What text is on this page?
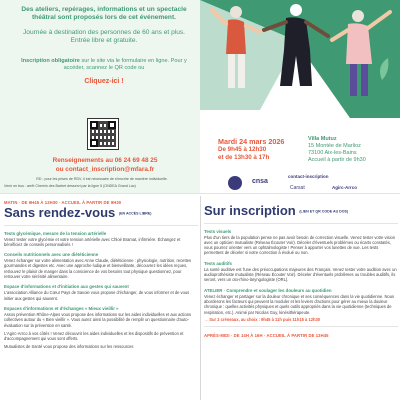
Des ateliers, repérages, informations et un spectacle théâtral sont proposés lors de cet événement.
Journée à destination des personnes de 60 ans et plus. Entrée libre et gratuite.
Inscription obligatoire sur le site via le formulaire en ligne. Pour y accéder, scannez le QR code ou
Cliquez-ici !
Renseignements au 06 24 69 48 25
ou contact_inscription@mfara.fr
RD : pour les prises de RDV, il est nécessaire de s'inscrire de manière individuelle.
Venir en bus : arrêt Chemin des Barbet desservi par la ligne 5 (ONDEA Grand Lac)
Mardi 24 mars 2026
De 9h45 à 12h30
et de 13h30 à 17h
Villa Mutuz
15 Montée de Marlioz
73100 Aix-les-Bains
Accueil à partir de 9h30
cnsa
contact-inscription
Carsat	Agirc-Arrco
MATIN · DE 9H45 À 12H30 · ACCUEIL À PARTIR DE 9H30
Sans rendez-vous (EN ACCÈS LIBRE)
Tests glycémique, mesure de la tension artérielle
Venez tester votre glycémie et votre tension artérielle avec Chloé Bramat, infirmière. Échangez et bénéficiez de conseils personnalisés !
Conseils nutritionnels avec une diététicienne
Venez échanger sur votre alimentation avec Anne Claude, diététicienne : physiologie, nutrition, recettes gourmandes et digestes etc. Avec une approche ludique et bienveillante, découvrez les idées reçues, retrouvez le plaisir de manger dans la conscience de vos besoins tout physique questionnez, pour retrouver votre sérénité alimentaire.
Espace d'informations et d'initiation aux gestes qui sauvent
L'association Alliance du Cœur Pays de Savoie vous propose d'échanger, de vous informer et de vous initier aux gestes qui sauvent.
Espaces d'informations et d'échanges « Mieux vieillir »
Assos prévention Rhône-Alpes vous propose des informations sur les aides individuelles et aux actions collectives autour du « Bien vieillir ». Vous aurez ainsi la possibilité de remplir un questionnaire d'auto-évaluation sur la prévention en santé.
L'Agirc-Arrco à vos côtés ! Venez découvrir les aides individuelles et les dispositifs de prévention et d'accompagnement qui vous sont offerts.
Mutualistes de Santé vous propose des informations sur les ressources
Sur inscription (LIEN ET QR CODE AU DOS)
Tests visuels
Plus d'un tiers de la population pense ne pas avoir besoin de correction visuelle. Venez tester votre vision avec un opticien mutualiste (Réseau Écouter Voir). Déceler d'éventuels problèmes ou écarts constatés, vous pourrez orienter vers un ophtalmologiste ! Penser à apporter vos lunettes de vue. Les tests permettent de déceler si votre correction à évolué ou non.
Tests auditifs
La sonté auditive est l'une des préoccupations majeures des Français. Venez tester votre audition avec un audioprothésiste mutualiste (Réseau Écouter Voir). Déceler d'éventuels problèmes ou troubles auditifs, ils seront, vers un oto-rhino-laryngologiste (ORL).
ATELIER · Comprendre et soulager les douleurs au quotidien
Venez échanger et partager sur la douleur chronique et ses conséquences dans la vie quotidienne. Nous aborderons les facteurs qui peuvent la moduler et les leviers d'actions pour gérer au mieux la douleur chronique : quelles activités physiques et quels outils appropriés dans la vie quotidienne (techniques de respiration, etc.). Animé par Nicolas Guy, kinésithérapeute.
→ Sur 2 créneaux, au choix : 9h45 à 11h puis 11h15 à 12h30
APRÈS-MIDI · DE 14H À 16H · ACCUEIL À PARTIR DE 13H45
